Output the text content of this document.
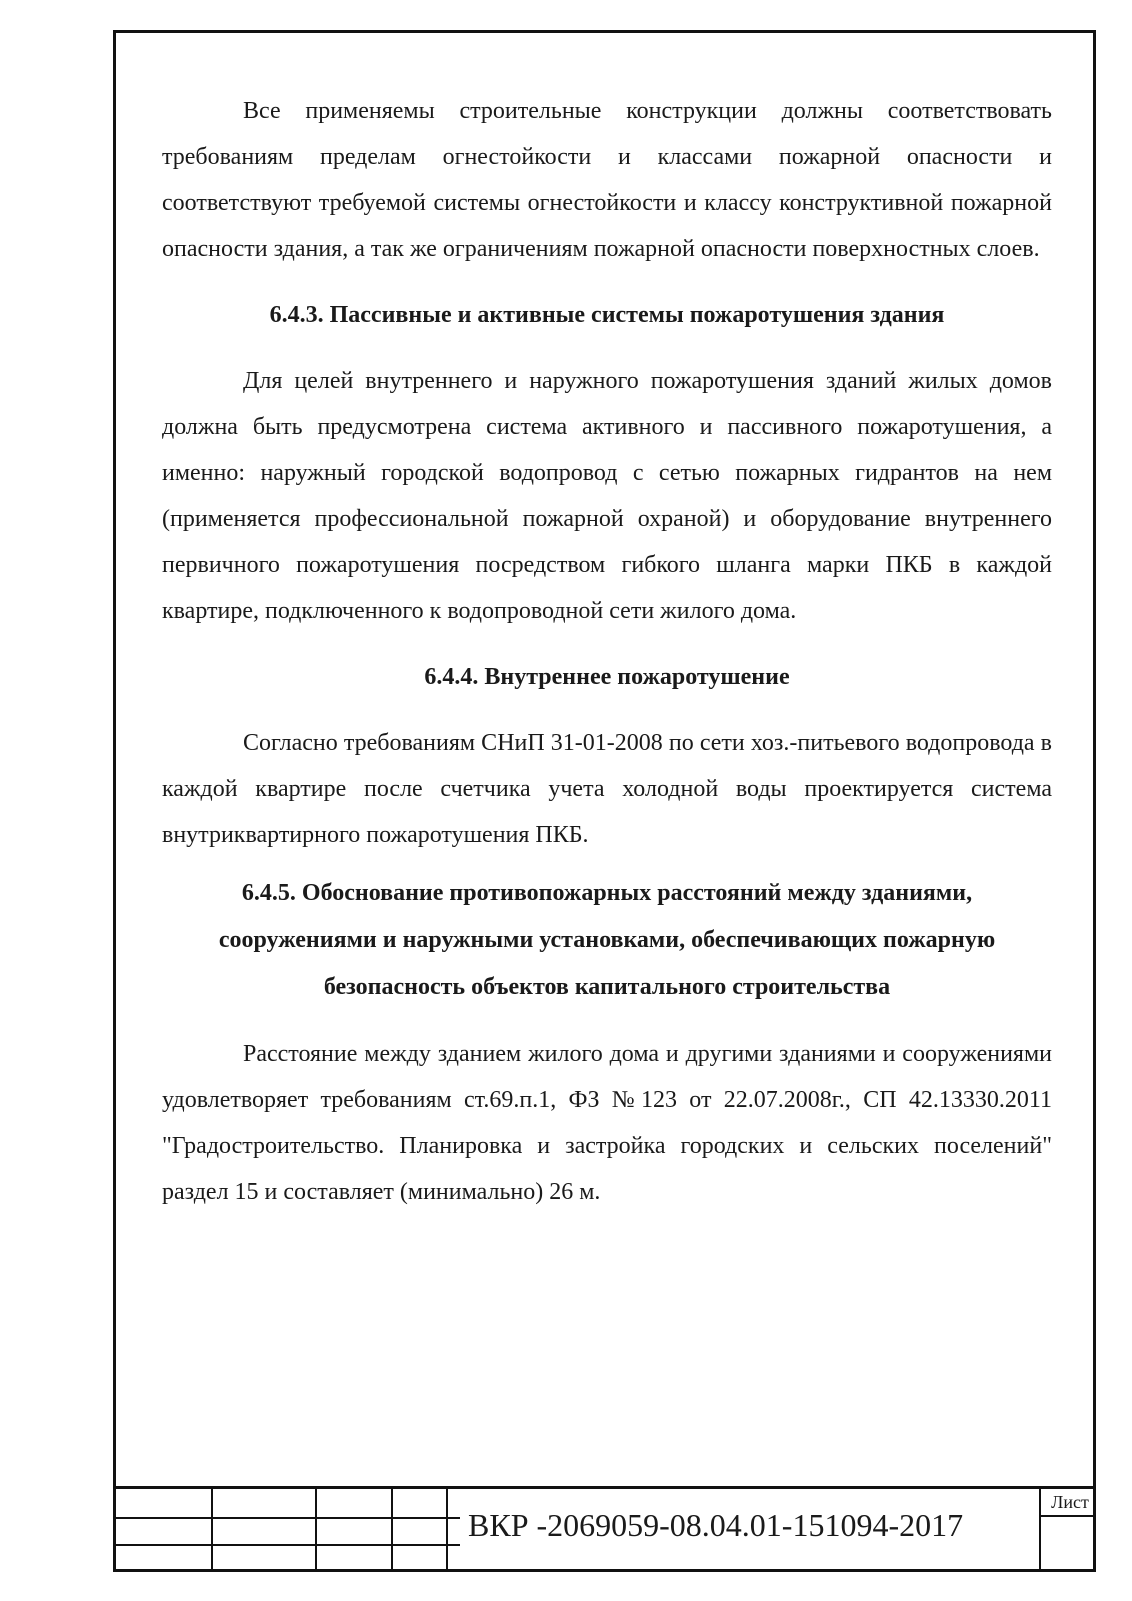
Все применяемы строительные конструкции должны соответствовать требованиям пределам огнестойкости и классами пожарной опасности и соответствуют требуемой системы огнестойкости и классу конструктивной пожарной опасности здания, а так же ограничениям пожарной опасности поверхностных слоев.

6.4.3. Пассивные и активные системы пожаротушения здания

Для целей внутреннего и наружного пожаротушения зданий жилых домов должна быть предусмотрена система активного и пассивного пожаротушения, а именно: наружный городской водопровод с сетью пожарных гидрантов на нем (применяется профессиональной пожарной охраной) и оборудование внутреннего первичного пожаротушения посредством гибкого шланга марки ПКБ в каждой квартире, подключенного к водопроводной сети жилого дома.

6.4.4. Внутреннее пожаротушение

Согласно требованиям СНиП 31-01-2008 по сети хоз.-питьевого водопровода в каждой квартире после счетчика учета холодной воды проектируется система внутриквартирного пожаротушения ПКБ.

6.4.5. Обоснование противопожарных расстояний между зданиями, сооружениями и наружными установками, обеспечивающих пожарную безопасность объектов капитального строительства

Расстояние между зданием жилого дома и другими зданиями и сооружениями удовлетворяет требованиям ст.69.п.1, ФЗ №123 от 22.07.2008г., СП 42.13330.2011 "Градостроительство. Планировка и застройка городских и сельских поселений" раздел 15 и составляет (минимально) 26 м.

ВКР -2069059-08.04.01-151094-2017
Лист
